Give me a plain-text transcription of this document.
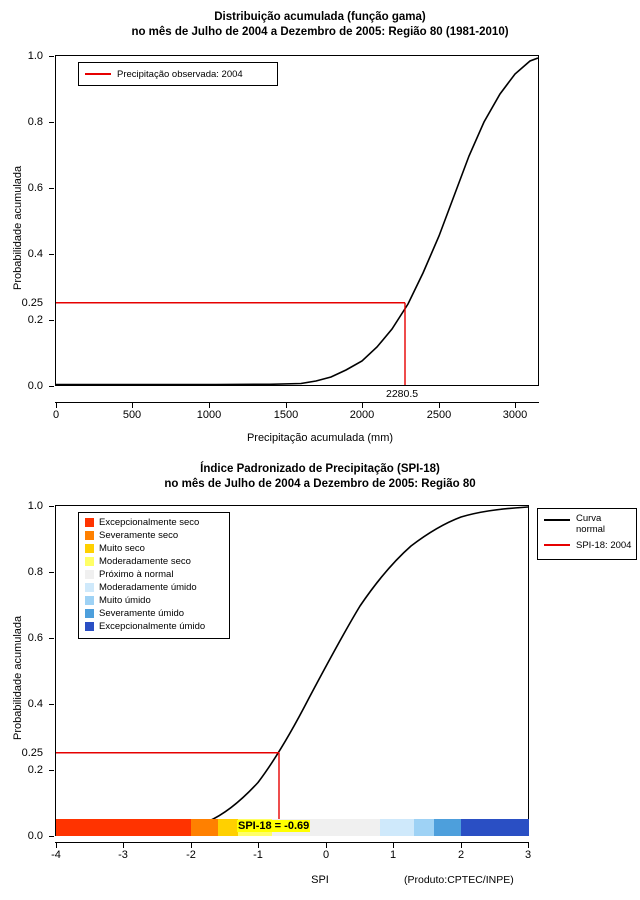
Distribuição acumulada (função gama)
no mês de Julho de 2004 a Dezembro de 2005: Região 80 (1981-2010)
Precipitação observada: 2004
2280.5
0.0
0.2
0.25
0.4
0.6
0.8
1.0
0	500	1000	1500	2000	2500	3000
Precipitação acumulada (mm)
Probabilidade acumulada
Índice Padronizado de Precipitação (SPI-18)
no mês de Julho de 2004 a Dezembro de 2005: Região 80
Excepcionalmente seco
Severamente seco
Muito seco
Moderadamente seco
Próximo à normal
Moderadamente úmido
Muito úmido
Severamente úmido
Excepcionalmente úmido
Curva normal
SPI-18: 2004
0.0
0.2
0.25
0.4
0.6
0.8
1.0
SPI-18 = -0.69
-4	-3	-2	-1	0	1	2	3
SPI
Probabilidade acumulada
(Produto:CPTEC/INPE)
